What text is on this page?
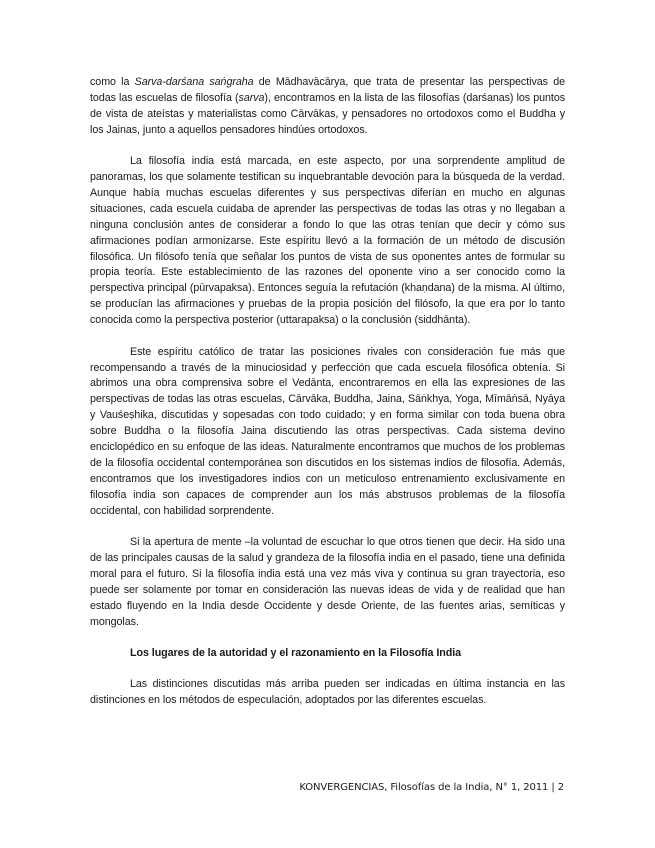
como la Sarva-darśana saṅgraha de Mādhavācārya, que trata de presentar las perspectivas de todas las escuelas de filosofía (sarva), encontramos en la lista de las filosofías (darśanas) los puntos de vista de ateístas y materialistas como Cārvākas, y pensadores no ortodoxos como el Buddha y los Jainas, junto a aquellos pensadores hindúes ortodoxos.

La filosofía india está marcada, en este aspecto, por una sorprendente amplitud de panoramas, los que solamente testifican su inquebrantable devoción para la búsqueda de la verdad. Aunque había muchas escuelas diferentes y sus perspectivas diferían en mucho en algunas situaciones, cada escuela cuidaba de aprender las perspectivas de todas las otras y no llegaban a ninguna conclusión antes de considerar a fondo lo que las otras tenían que decir y cómo sus afirmaciones podían armonizarse. Este espíritu llevó a la formación de un método de discusión filosófica. Un filósofo tenía que señalar los puntos de vista de sus oponentes antes de formular su propia teoría. Este establecimiento de las razones del oponente vino a ser conocido como la perspectiva principal (pūrvapaksa). Entonces seguía la refutación (khaṇdana) de la misma. Al último, se producían las afirmaciones y pruebas de la propia posición del filósofo, la que era por lo tanto conocida como la perspectiva posterior (uttarapaksa) o la conclusión (siddhānta).

Este espíritu católico de tratar las posiciones rivales con consideración fue más que recompensando a través de la minuciosidad y perfección que cada escuela filosófica obtenía. Si abrimos una obra comprensiva sobre el Vedānta, encontraremos en ella las expresiones de las perspectivas de todas las otras escuelas, Cārvāka, Buddha, Jaina, Sāṅkhya, Yoga, Mīmāṅsā, Nyāya y Vauśeṣhika, discutidas y sopesadas con todo cuidado; y en forma similar con toda buena obra sobre Buddha o la filosofía Jaina discutiendo las otras perspectivas. Cada sistema devino enciclopédico en su enfoque de las ideas. Naturalmente encontramos que muchos de los problemas de la filosofía occidental contemporánea son discutidos en los sistemas indios de filosofía. Además, encontramos que los investigadores indios con un meticuloso entrenamiento exclusivamente en filosofía india son capaces de comprender aun los más abstrusos problemas de la filosofía occidental, con habilidad sorprendente.

Si la apertura de mente –la voluntad de escuchar lo que otros tienen que decir. Ha sido una de las principales causas de la salud y grandeza de la filosofía india en el pasado, tiene una definida moral para el futuro. Si la filosofía india está una vez más viva y continua su gran trayectoria, eso puede ser solamente por tomar en consideración las nuevas ideas de vida y de realidad que han estado fluyendo en la India desde Occidente y desde Oriente, de las fuentes arias, semíticas y mongolas.

Los lugares de la autoridad y el razonamiento en la Filosofía India

Las distinciones discutidas más arriba pueden ser indicadas en última instancia en las distinciones en los métodos de especulación, adoptados por las diferentes escuelas.

KONVERGENCIAS, Filosofías de la India, N° 1, 2011 | 2
